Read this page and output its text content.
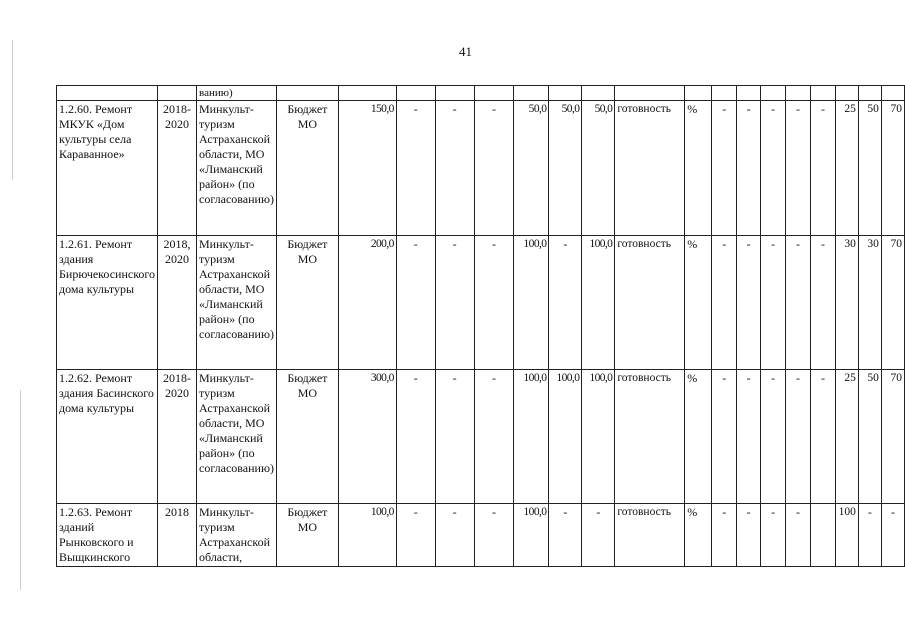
41
		ванию)																		
1.2.60. Ремонт МКУК «Дом культуры села Караванное»	2018-2020	Минкульт-туризм Астраханской области, МО «Лиманский район» (по согласованию)	Бюджет МО	150,0	-	-	-	50,0	50,0	50,0	готовность	%	-	-	-	-	-	25	50	70
1.2.61. Ремонт здания Бирючекосинского дома культуры	2018, 2020	Минкульт-туризм Астраханской области, МО «Лиманский район» (по согласованию)	Бюджет МО	200,0	-	-	-	100,0	-	100,0	готовность	%	-	-	-	-	-	30	30	70
1.2.62. Ремонт здания Басинского дома культуры	2018-2020	Минкульт-туризм Астраханской области, МО «Лиманский район» (по согласованию)	Бюджет МО	300,0	-	-	-	100,0	100,0	100,0	готовность	%	-	-	-	-	-	25	50	70
1.2.63. Ремонт зданий Рынковского и Выщкинского	2018	Минкульт-туризм Астраханской области,	Бюджет МО	100,0	-	-	-	100,0	-	-	готовность	%	-	-	-	-		100	-	-
